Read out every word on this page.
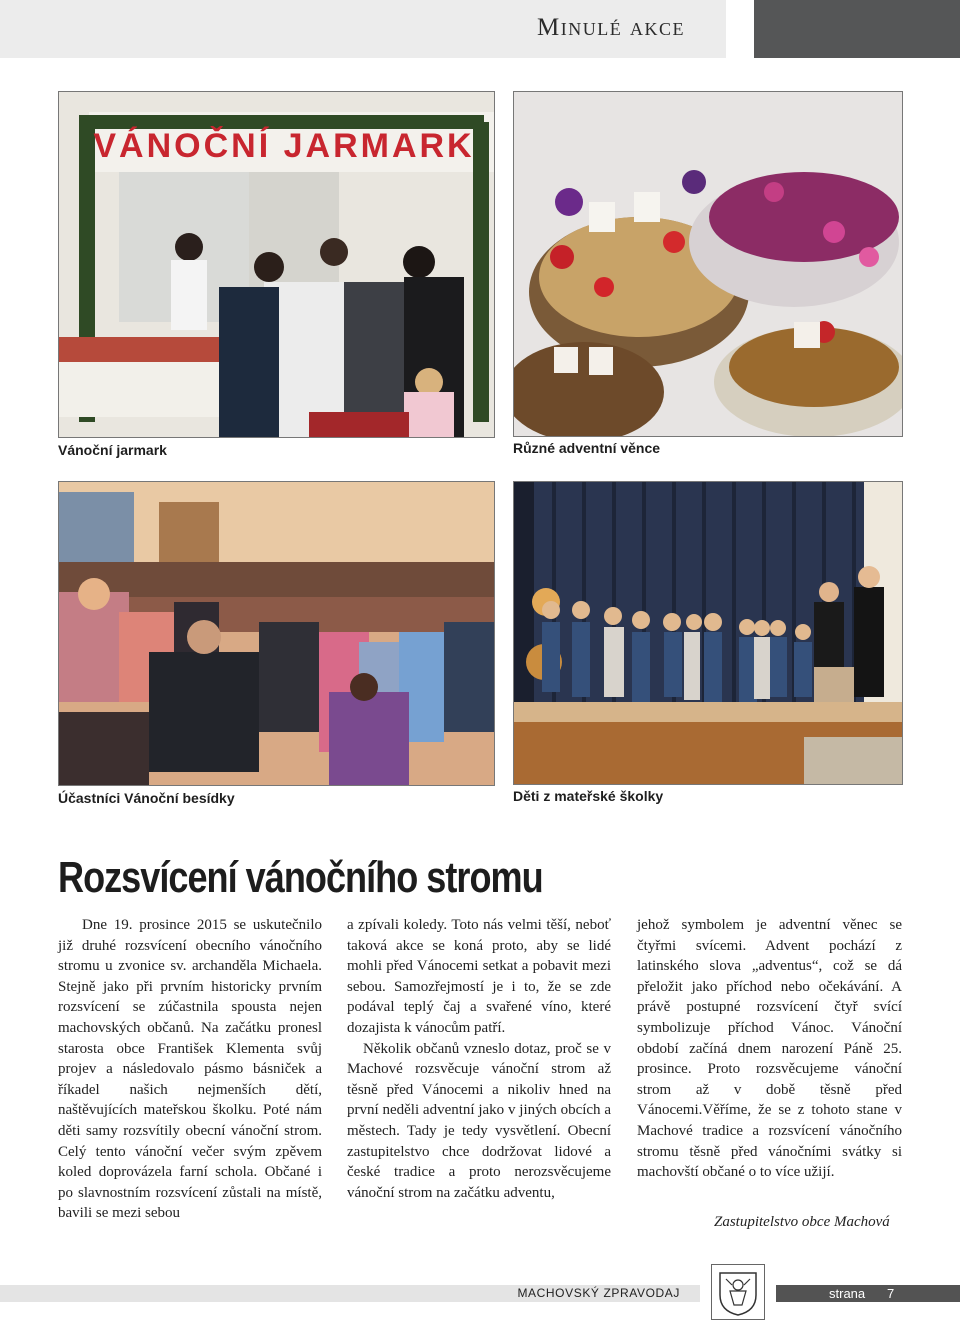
Minulé akce
VÁNOČNÍ JARMARK
Vánoční jarmark	Různé adventní věnce
Účastníci Vánoční besídky	Děti z mateřské školky
Rozsvícení vánočního stromu

Dne 19. prosince 2015 se uskutečnilo již druhé rozsvícení obecního vánočního stromu u zvonice sv. archanděla Michaela. Stejně jako při prvním historicky prvním rozsvícení se zúčastnila spousta nejen machovských občanů. Na začátku pronesl starosta obce František Klementa svůj projev a následovalo pásmo básniček a říkadel našich nejmenších dětí, naštěvujících mateřskou školku. Poté nám děti samy rozsvítily obecní vánoční strom. Celý tento vánoční večer svým zpěvem koled doprovázela farní schola. Občané i po slavnostním rozsvícení zůstali na místě, bavili se mezi sebou

a zpívali koledy. Toto nás velmi těší, neboť taková akce se koná proto, aby se lidé mohli před Vánocemi setkat a pobavit mezi sebou. Samozřejmostí je i to, že se zde podával teplý čaj a svařené víno, které dozajista k vánocům patří.

Několik občanů vzneslo dotaz, proč se v Machové rozsvěcuje vánoční strom až těsně před Vánocemi a nikoliv hned na první neděli adventní jako v jiných obcích a městech. Tady je tedy vysvětlení. Obecní zastupitelstvo chce dodržovat lidové a české tradice a proto nerozsvěcujeme vánoční strom na začátku adventu,

jehož symbolem je adventní věnec se čtyřmi svícemi. Advent pochází z latinského slova „adventus“, což se dá přeložit jako příchod nebo očekávání. A právě postupné rozsvícení čtyř svící symbolizuje příchod Vánoc. Vánoční období začíná dnem narození Páně 25. prosince. Proto rozsvěcujeme vánoční strom až v době těsně před Vánocemi.Věříme, že se z tohoto stane v Machové tradice a rozsvícení vánočního stromu těsně před vánočními svátky si machovští občané o to více užijí.

Zastupitelstvo obce Machová
MACHOVSKÝ ZPRAVODAJ	strana 7
